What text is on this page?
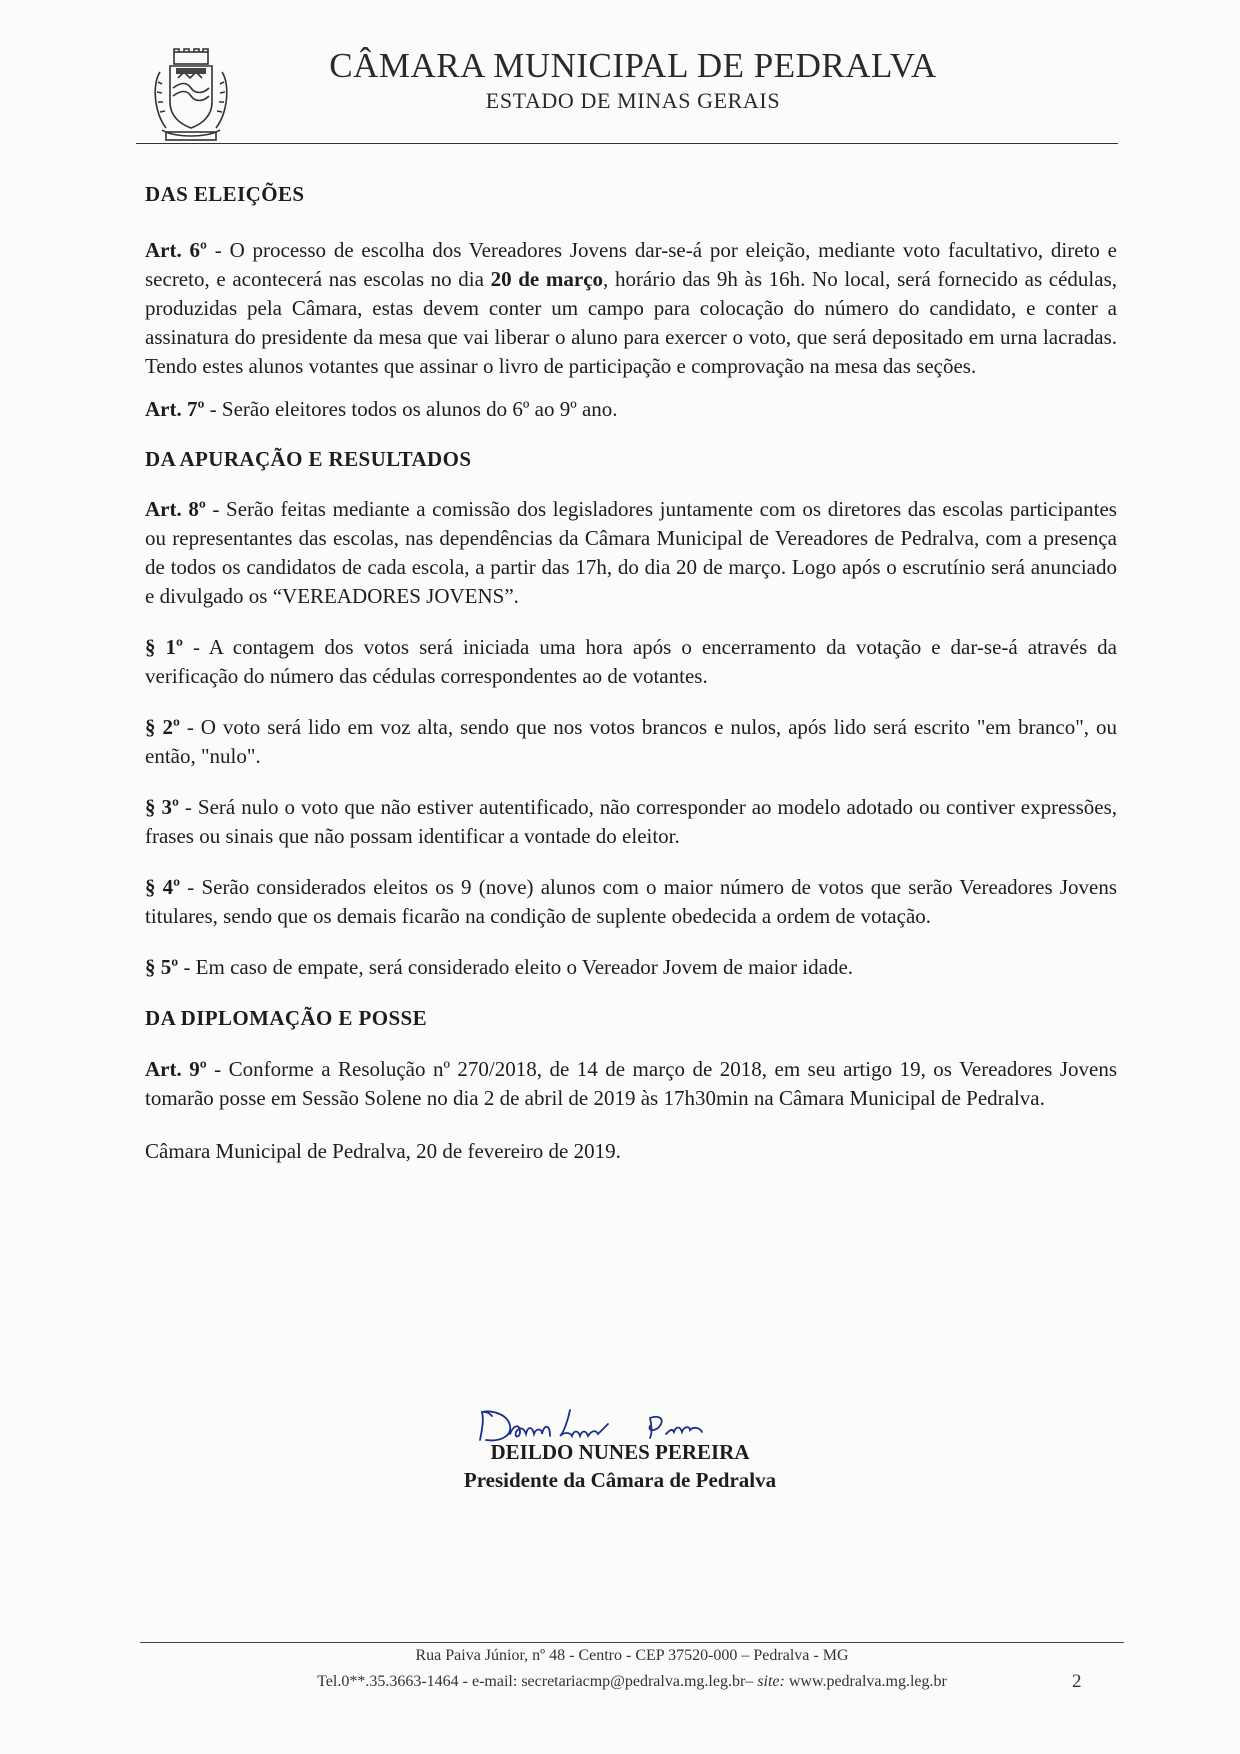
CÂMARA MUNICIPAL DE PEDRALVA
ESTADO DE MINAS GERAIS
DAS ELEIÇÕES

Art. 6º - O processo de escolha dos Vereadores Jovens dar-se-á por eleição, mediante voto facultativo, direto e secreto, e acontecerá nas escolas no dia 20 de março, horário das 9h às 16h. No local, será fornecido as cédulas, produzidas pela Câmara, estas devem conter um campo para colocação do número do candidato, e conter a assinatura do presidente da mesa que vai liberar o aluno para exercer o voto, que será depositado em urna lacradas. Tendo estes alunos votantes que assinar o livro de participação e comprovação na mesa das seções.

Art. 7º - Serão eleitores todos os alunos do 6º ao 9º ano.

DA APURAÇÃO E RESULTADOS

Art. 8º - Serão feitas mediante a comissão dos legisladores juntamente com os diretores das escolas participantes ou representantes das escolas, nas dependências da Câmara Municipal de Vereadores de Pedralva, com a presença de todos os candidatos de cada escola, a partir das 17h, do dia 20 de março. Logo após o escrutínio será anunciado e divulgado os “VEREADORES JOVENS”.

§ 1º - A contagem dos votos será iniciada uma hora após o encerramento da votação e dar-se-á através da verificação do número das cédulas correspondentes ao de votantes.

§ 2º - O voto será lido em voz alta, sendo que nos votos brancos e nulos, após lido será escrito "em branco", ou então, "nulo".

§ 3º - Será nulo o voto que não estiver autentificado, não corresponder ao modelo adotado ou contiver expressões, frases ou sinais que não possam identificar a vontade do eleitor.

§ 4º - Serão considerados eleitos os 9 (nove) alunos com o maior número de votos que serão Vereadores Jovens titulares, sendo que os demais ficarão na condição de suplente obedecida a ordem de votação.

§ 5º - Em caso de empate, será considerado eleito o Vereador Jovem de maior idade.

DA DIPLOMAÇÃO E POSSE

Art. 9º - Conforme a Resolução nº 270/2018, de 14 de março de 2018, em seu artigo 19, os Vereadores Jovens tomarão posse em Sessão Solene no dia 2 de abril de 2019 às 17h30min na Câmara Municipal de Pedralva.

Câmara Municipal de Pedralva, 20 de fevereiro de 2019.

DEILDO NUNES PEREIRA
Presidente da Câmara de Pedralva
Rua Paiva Júnior, nº 48 - Centro - CEP 37520-000 – Pedralva - MG
Tel.0**.35.3663-1464 - e-mail: secretariacmp@pedralva.mg.leg.br– site: www.pedralva.mg.leg.br	2
